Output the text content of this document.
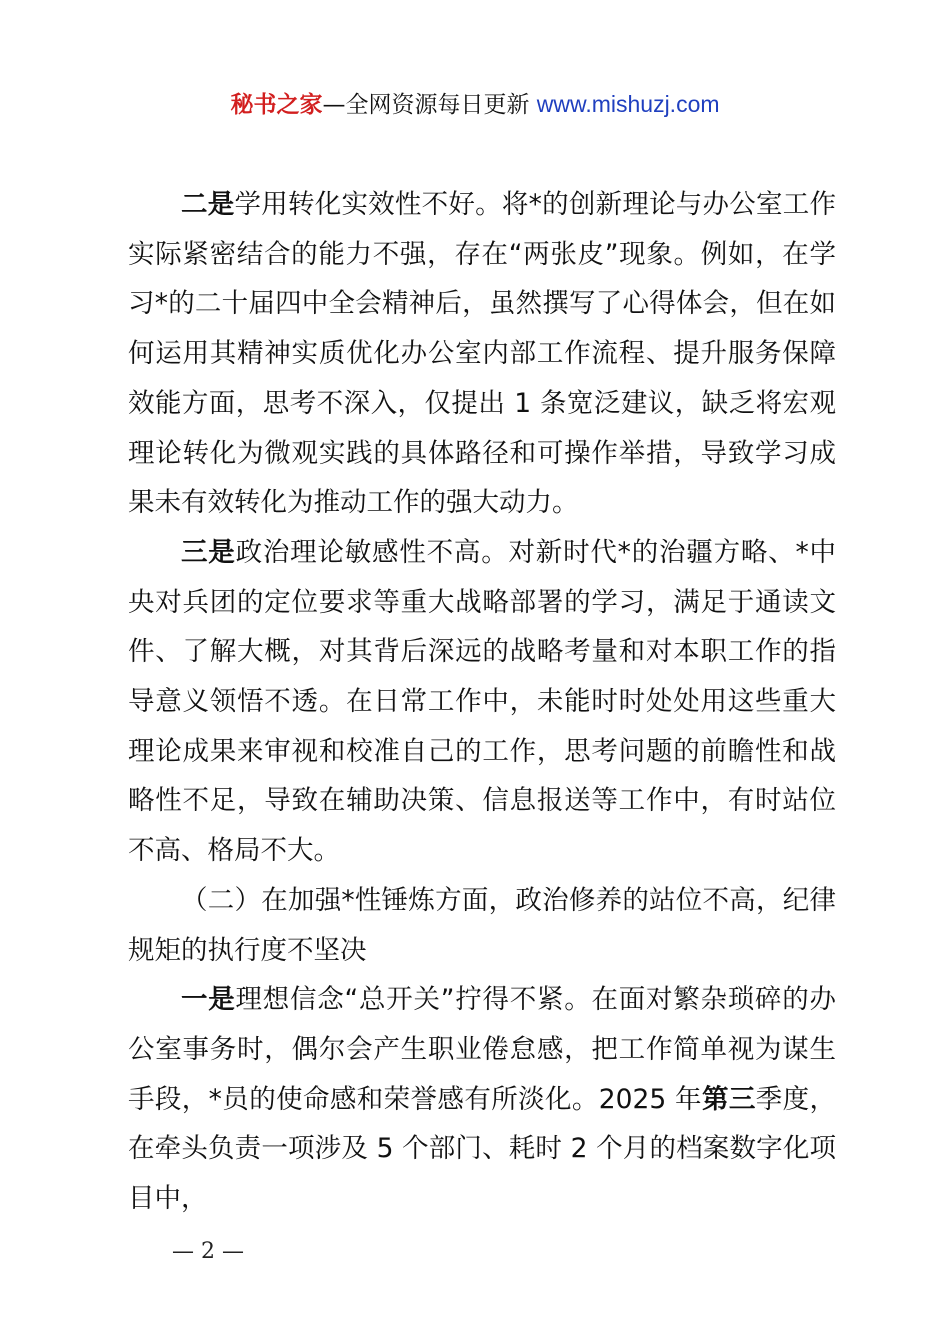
秘书之家—全网资源每日更新 www.mishuzj.com

二是学用转化实效性不好。将*的创新理论与办公室工作实际紧密结合的能力不强，存在“两张皮”现象。例如，在学习*的二十届四中全会精神后，虽然撰写了心得体会，但在如何运用其精神实质优化办公室内部工作流程、提升服务保障效能方面，思考不深入，仅提出 1 条宽泛建议，缺乏将宏观理论转化为微观实践的具体路径和可操作举措，导致学习成果未有效转化为推动工作的强大动力。

三是政治理论敏感性不高。对新时代*的治疆方略、*中央对兵团的定位要求等重大战略部署的学习，满足于通读文件、了解大概，对其背后深远的战略考量和对本职工作的指导意义领悟不透。在日常工作中，未能时时处处用这些重大理论成果来审视和校准自己的工作，思考问题的前瞻性和战略性不足，导致在辅助决策、信息报送等工作中，有时站位不高、格局不大。

（二）在加强*性锤炼方面，政治修养的站位不高，纪律规矩的执行度不坚决

一是理想信念“总开关”拧得不紧。在面对繁杂琐碎的办公室事务时，偶尔会产生职业倦怠感，把工作简单视为谋生手段，*员的使命感和荣誉感有所淡化。2025 年第三季度，在牵头负责一项涉及 5 个部门、耗时 2 个月的档案数字化项目中，

— 2 —
